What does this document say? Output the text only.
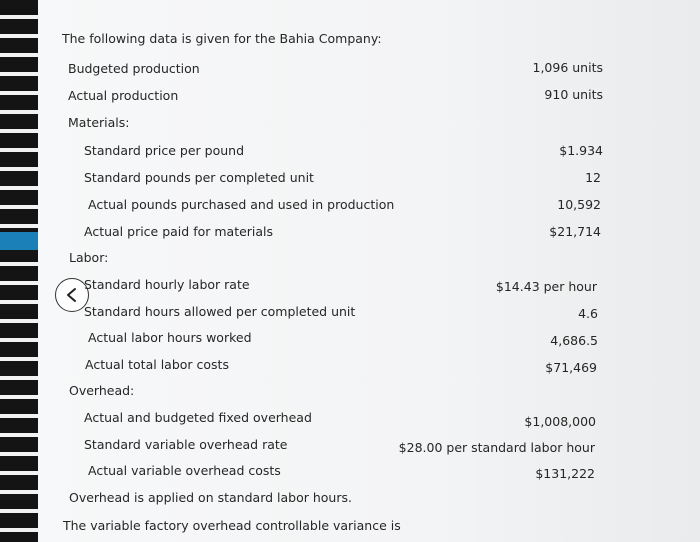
The following data is given for the Bahia Company:
Budgeted production	1,096 units
Actual production	910 units
Materials:
Standard price per pound	$1.934
Standard pounds per completed unit	12
Actual pounds purchased and used in production	10,592
Actual price paid for materials	$21,714
Labor:
Standard hourly labor rate	$14.43 per hour
Standard hours allowed per completed unit	4.6
Actual labor hours worked	4,686.5
Actual total labor costs	$71,469
Overhead:
Actual and budgeted fixed overhead	$1,008,000
Standard variable overhead rate	$28.00 per standard labor hour
Actual variable overhead costs	$131,222
Overhead is applied on standard labor hours.
The variable factory overhead controllable variance is
